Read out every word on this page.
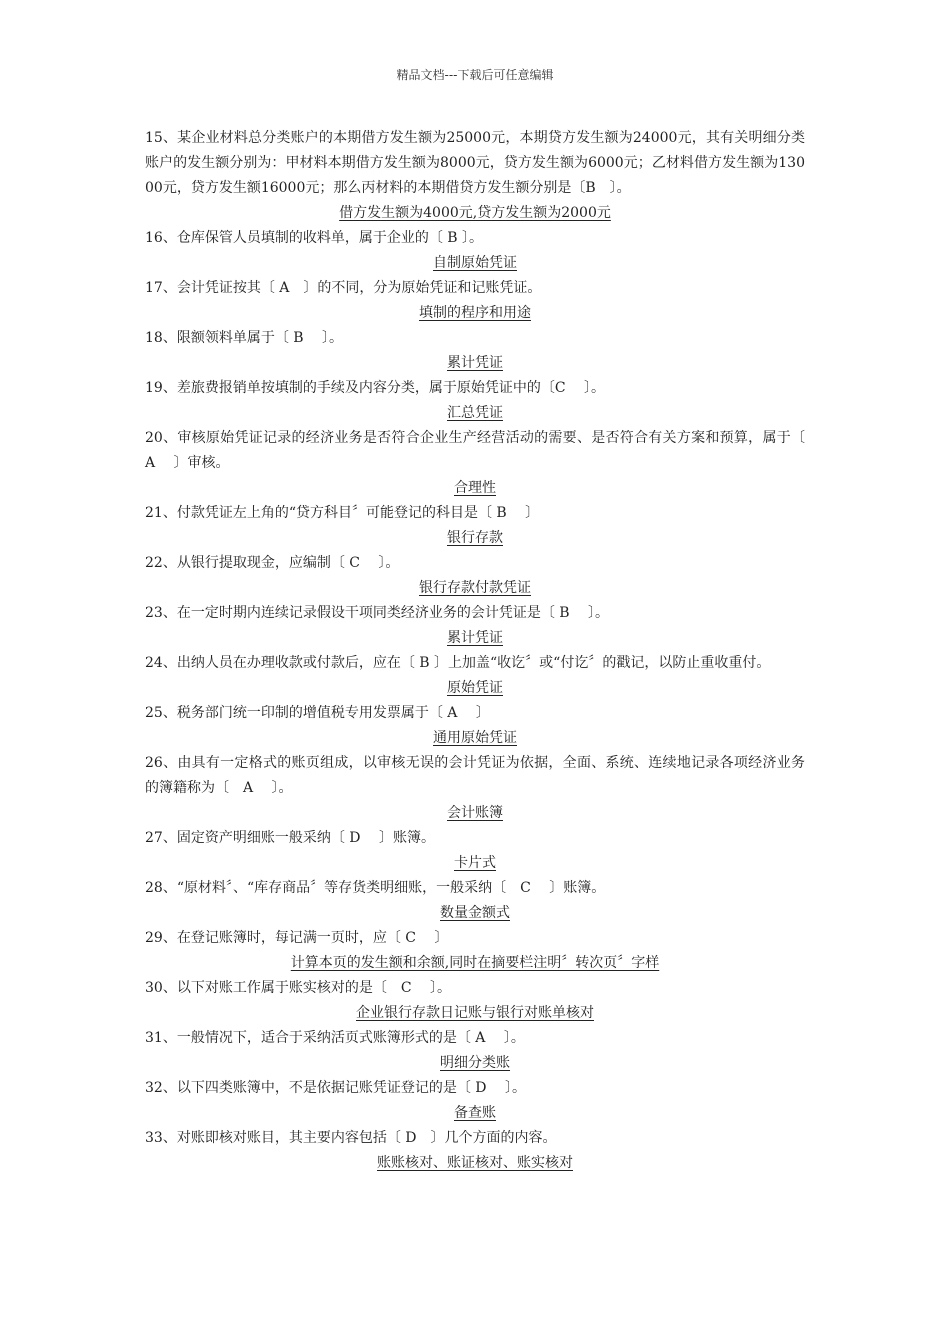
精品文档---下载后可任意编辑

15、某企业材料总分类账户的本期借方发生额为25000元，本期贷方发生额为24000元，其有关明细分类账户的发生额分别为：甲材料本期借方发生额为8000元，贷方发生额为6000元；乙材料借方发生额为13000元，贷方发生额16000元；那么丙材料的本期借贷方发生额分别是〔B　〕。

借方发生额为4000元,贷方发生额为2000元

16、仓库保管人员填制的收料单，属于企业的〔 B 〕。

自制原始凭证

17、会计凭证按其〔 A　〕的不同，分为原始凭证和记账凭证。

填制的程序和用途

18、限额领料单属于〔 B　 〕。

累计凭证

19、差旅费报销单按填制的手续及内容分类，属于原始凭证中的〔C　 〕。

汇总凭证

20、审核原始凭证记录的经济业务是否符合企业生产经营活动的需要、是否符合有关方案和预算，属于〔　A　 〕审核。

合理性

21、付款凭证左上角的“贷方科目〞可能登记的科目是〔 B　 〕

银行存款

22、从银行提取现金，应编制〔 C　 〕。

银行存款付款凭证

23、在一定时期内连续记录假设干项同类经济业务的会计凭证是〔 B　 〕。

累计凭证

24、出纳人员在办理收款或付款后，应在〔 B 〕上加盖“收讫〞或“付讫〞的戳记，以防止重收重付。

原始凭证

25、税务部门统一印制的增值税专用发票属于〔 A　 〕

通用原始凭证

26、由具有一定格式的账页组成，以审核无误的会计凭证为依据，全面、系统、连续地记录各项经济业务的簿籍称为〔　A　 〕。

会计账簿

27、固定资产明细账一般采纳〔 D　 〕账簿。

卡片式

28、“原材料〞、“库存商品〞等存货类明细账，一般采纳〔　C　 〕账簿。

数量金额式

29、在登记账簿时，每记满一页时，应〔 C　 〕

计算本页的发生额和余额,同时在摘要栏注明〞转次页〞字样

30、以下对账工作属于账实核对的是〔　C　 〕。

企业银行存款日记账与银行对账单核对

31、一般情况下，适合于采纳活页式账簿形式的是〔 A　 〕。

明细分类账

32、以下四类账簿中，不是依据记账凭证登记的是〔 D　 〕。

备查账

33、对账即核对账目，其主要内容包括〔 D　〕几个方面的内容。

账账核对、账证核对、账实核对
